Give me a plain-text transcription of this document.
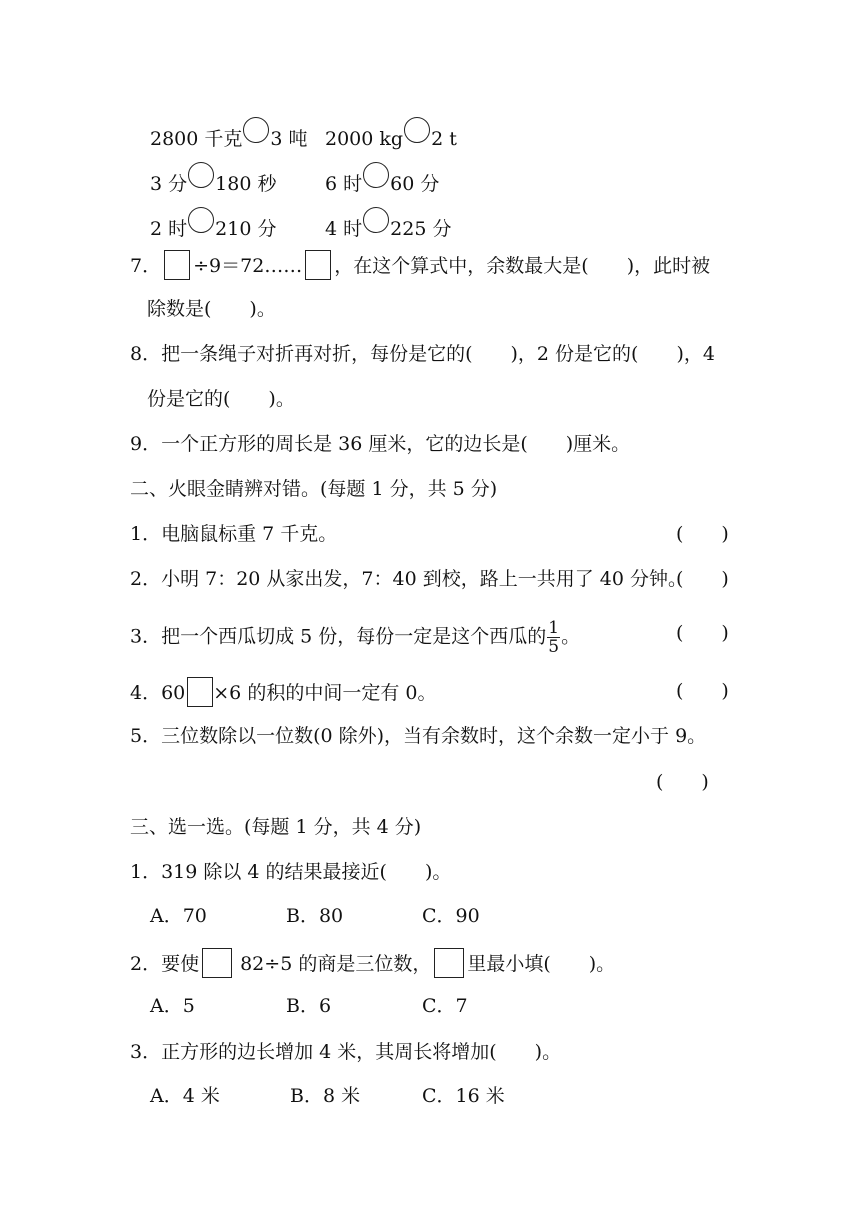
2800 千克 3 吨 2000 kg 2 t
3 分 180 秒	6 时 60 分
2 时 210 分	4 时 225 分
7． ÷9＝72…… ，在这个算式中，余数最大是(　　)，此时被
除数是(　　)。
8．把一条绳子对折再对折，每份是它的(　　)，2 份是它的(　　)，4
份是它的(　　)。
9．一个正方形的周长是 36 厘米，它的边长是(　　)厘米。
二、火眼金睛辨对错。(每题 1 分，共 5 分)
1．电脑鼠标重 7 千克。	(　　)
2．小明 7：20 从家出发，7：40 到校，路上一共用了 40 分钟。
(　　)
3．把一个西瓜切成 5 份，每份一定是这个西瓜的 $\frac{1}{5}$ 。	(　　)
4．60 ×6 的积的中间一定有 0。	(　　)
5．三位数除以一位数(0 除外)，当有余数时，这个余数一定小于 9。
(　　)
三、选一选。(每题 1 分，共 4 分)
1．319 除以 4 的结果最接近(　　)。
A．70	B．80	C．90
2．要使 82÷5 的商是三位数， 里最小填(　　)。
A．5	B．6	C．7
3．正方形的边长增加 4 米，其周长将增加(　　)。
A．4 米	B．8 米	C．16 米
